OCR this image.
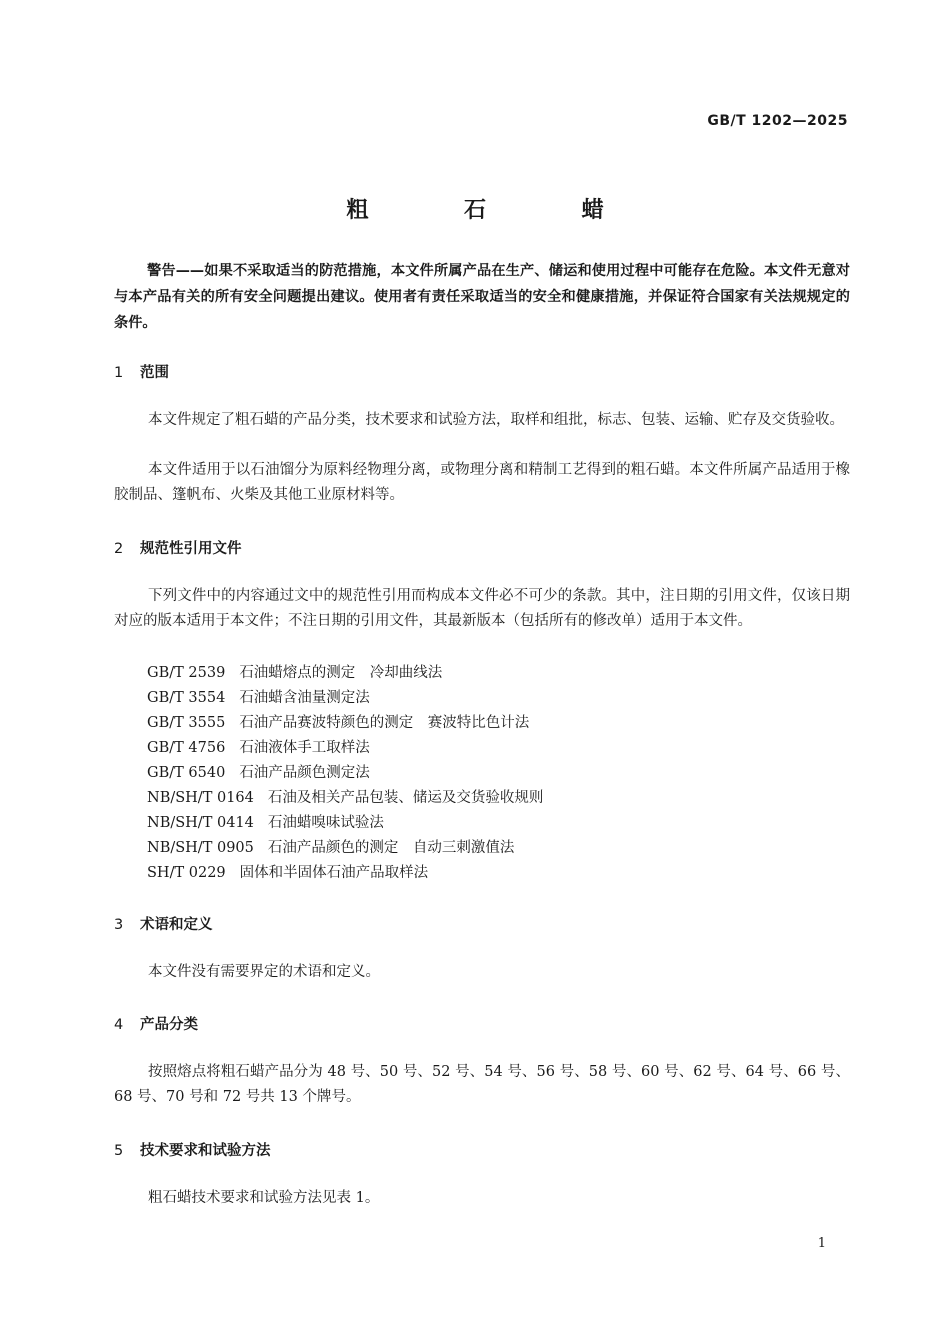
GB/T 1202—2025
粗 石 蜡
警告——如果不采取适当的防范措施，本文件所属产品在生产、储运和使用过程中可能存在危险。本文件无意对与本产品有关的所有安全问题提出建议。使用者有责任采取适当的安全和健康措施，并保证符合国家有关法规规定的条件。
1 范围
本文件规定了粗石蜡的产品分类，技术要求和试验方法，取样和组批，标志、包装、运输、贮存及交货验收。
本文件适用于以石油馏分为原料经物理分离，或物理分离和精制工艺得到的粗石蜡。本文件所属产品适用于橡胶制品、篷帆布、火柴及其他工业原材料等。
2 规范性引用文件
下列文件中的内容通过文中的规范性引用而构成本文件必不可少的条款。其中，注日期的引用文件，仅该日期对应的版本适用于本文件；不注日期的引用文件，其最新版本（包括所有的修改单）适用于本文件。
GB/T 2539 石油蜡熔点的测定　冷却曲线法
GB/T 3554 石油蜡含油量测定法
GB/T 3555 石油产品赛波特颜色的测定　赛波特比色计法
GB/T 4756 石油液体手工取样法
GB/T 6540 石油产品颜色测定法
NB/SH/T 0164 石油及相关产品包装、储运及交货验收规则
NB/SH/T 0414 石油蜡嗅味试验法
NB/SH/T 0905 石油产品颜色的测定　自动三刺激值法
SH/T 0229 固体和半固体石油产品取样法
3 术语和定义
本文件没有需要界定的术语和定义。
4 产品分类
按照熔点将粗石蜡产品分为 48 号、50 号、52 号、54 号、56 号、58 号、60 号、62 号、64 号、66 号、68 号、70 号和 72 号共 13 个牌号。
5 技术要求和试验方法
粗石蜡技术要求和试验方法见表 1。
1
